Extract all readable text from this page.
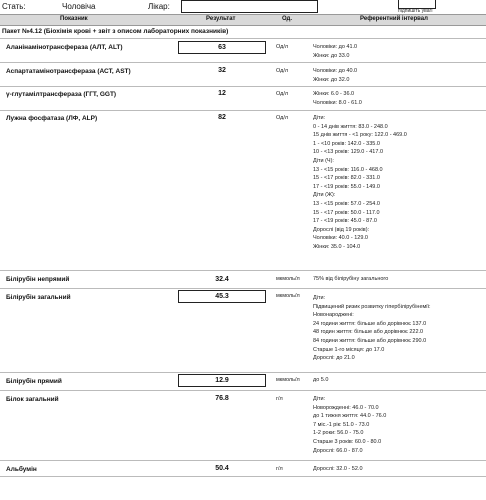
Стать:	Чоловіча	Лікар:	підпишіть увагі
Показник	Результат	Од.	Референтний інтервал
Пакет №4.12 (Біохімія крові + звіт з описом лабораторних показників)
Аланінамінотрансфераза (АЛТ, ALT)	63	Од/л	Чоловіки: до 41.0
Жінки: до 33.0
Аспартатамінотрансфераза (АСТ, AST)	32	Од/л	Чоловіки: до 40.0
Жінки: до 32.0
γ-глутамілтрансфераза (ГГТ, GGT)	12	Од/л	Жінки: 6.0 - 36.0
Чоловіки: 8.0 - 61.0
Лужна фосфатаза (ЛФ, ALP)	82	Од/л	Діти:
0 - 14 днів життя: 83.0 - 248.0
15 днів життя - <1 року: 122.0 - 469.0
1 - <10 років: 142.0 - 335.0
10 - <13 років: 129.0 - 417.0
Діти (Ч):
13 - <15 років: 116.0 - 468.0
15 - <17 років: 82.0 - 331.0
17 - <19 років: 55.0 - 149.0
Діти (Ж):
13 - <15 років: 57.0 - 254.0
15 - <17 років: 50.0 - 117.0
17 - <19 років: 45.0 - 87.0
Дорослі (від 19 років):
Чоловіки: 40.0 - 129.0
Жінки: 35.0 - 104.0
Білірубін непрямий	32.4	мкмоль/л 75% від білірубіну загального
Білірубін загальний	45.3	мкмоль/л Діти:
Підвищений ризик розвитку гіпербілірубінемії:
Новонароджені:
24 години життя: більше або дорівнює 137.0
48 годин життя: більше або дорівнює 222.0
84 години життя: більше або дорівнює 290.0
Старше 1-го місяця: до 17.0
Дорослі: до 21.0
Білірубін прямий	12.9	мкмоль/л до 5.0
Білок загальний	76.8	г/л	Діти:
Новорожденні: 46.0 - 70.0
до 1 тижня життя: 44.0 - 76.0
7 міс.-1 рік: 51.0 - 73.0
1-2 роки: 56.0 - 75.0
Старше 3 років: 60.0 - 80.0
Дорослі: 66.0 - 87.0
Альбумін	50.4	г/л	Дорослі: 32.0 - 52.0
